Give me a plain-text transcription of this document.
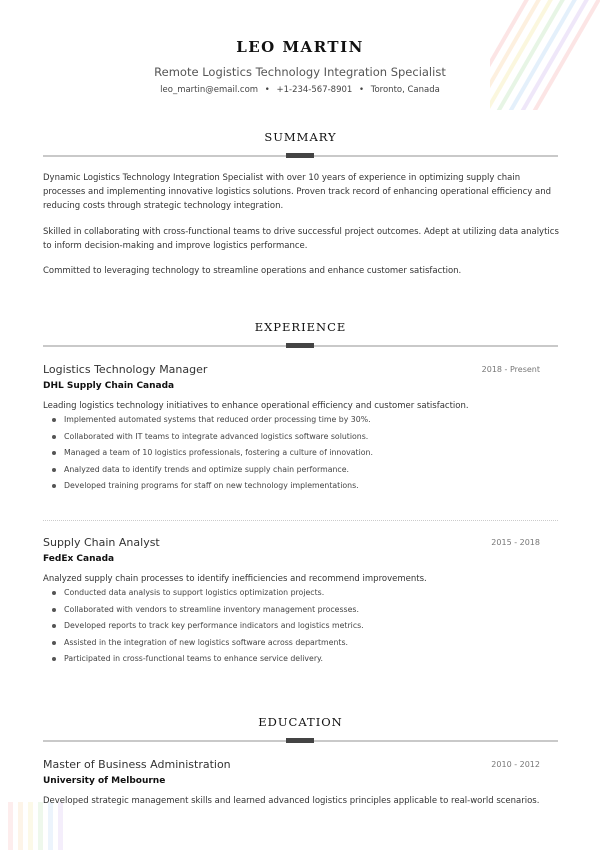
LEO MARTIN
Remote Logistics Technology Integration Specialist
leo_martin@email.com • +1-234-567-8901 • Toronto, Canada
SUMMARY
Dynamic Logistics Technology Integration Specialist with over 10 years of experience in optimizing supply chain processes and implementing innovative logistics solutions. Proven track record of enhancing operational efficiency and reducing costs through strategic technology integration.
Skilled in collaborating with cross-functional teams to drive successful project outcomes. Adept at utilizing data analytics to inform decision-making and improve logistics performance.
Committed to leveraging technology to streamline operations and enhance customer satisfaction.
EXPERIENCE
Logistics Technology Manager	2018 - Present
DHL Supply Chain Canada
Leading logistics technology initiatives to enhance operational efficiency and customer satisfaction.
Implemented automated systems that reduced order processing time by 30%.
Collaborated with IT teams to integrate advanced logistics software solutions.
Managed a team of 10 logistics professionals, fostering a culture of innovation.
Analyzed data to identify trends and optimize supply chain performance.
Developed training programs for staff on new technology implementations.
Supply Chain Analyst	2015 - 2018
FedEx Canada
Analyzed supply chain processes to identify inefficiencies and recommend improvements.
Conducted data analysis to support logistics optimization projects.
Collaborated with vendors to streamline inventory management processes.
Developed reports to track key performance indicators and logistics metrics.
Assisted in the integration of new logistics software across departments.
Participated in cross-functional teams to enhance service delivery.
EDUCATION
Master of Business Administration	2010 - 2012
University of Melbourne
Developed strategic management skills and learned advanced logistics principles applicable to real-world scenarios.
